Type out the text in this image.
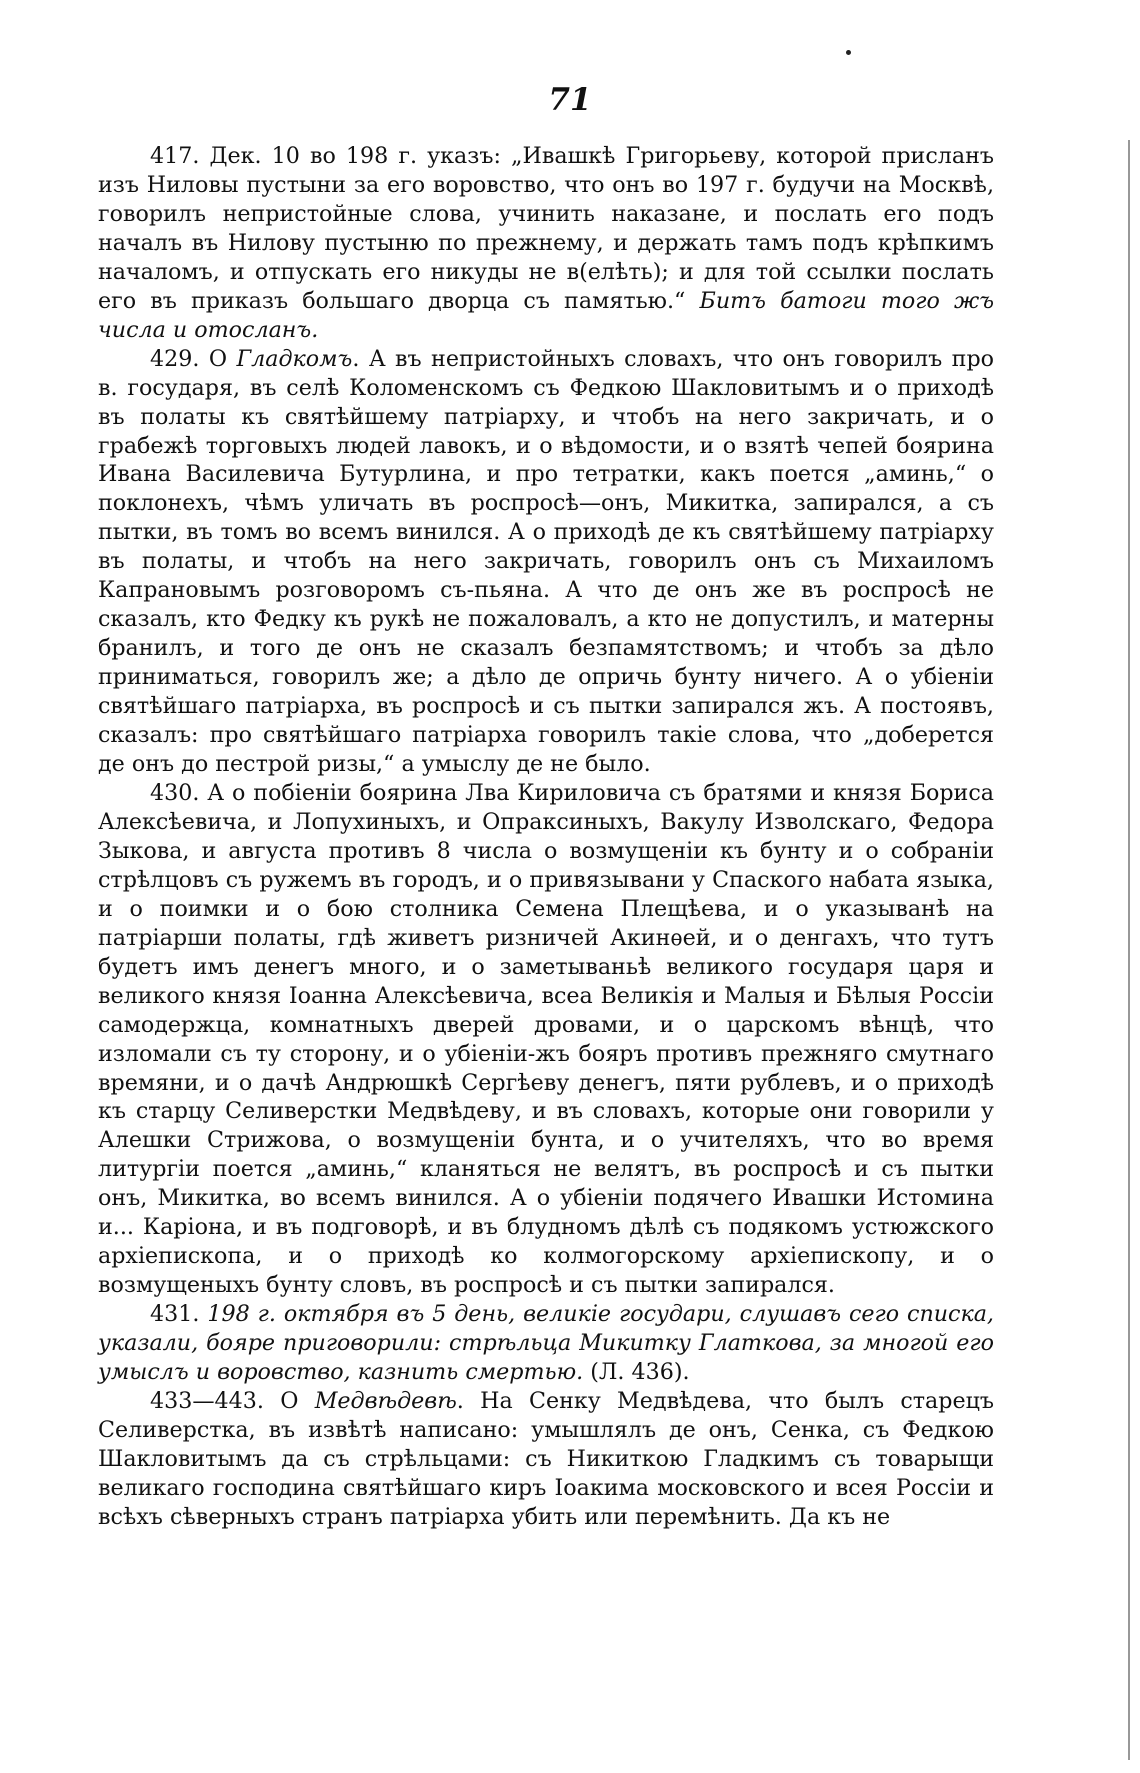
71

417. Дек. 10 во 198 г. указъ: „Ивашкѣ Григорьеву, которой присланъ изъ Ниловы пустыни за его воровство, что онъ во 197 г. будучи на Москвѣ, говорилъ непристойные слова, учинить наказане, и послать его подъ началъ въ Нилову пустыню по прежнему, и держать тамъ подъ крѣпкимъ началомъ, и отпускать его никуды не в(елѣть); и для той ссылки послать его въ приказъ большаго дворца съ памятью.“ Битъ батоги того жъ числа и отосланъ.

429. О Гладкомъ. А въ непристойныхъ словахъ, что онъ говорилъ про в. государя, въ селѣ Коломенскомъ съ Федкою Шакловитымъ и о приходѣ въ полаты къ святѣйшему патріарху, и чтобъ на него закричать, и о грабежѣ торговыхъ людей лавокъ, и о вѣдомости, и о взятѣ чепей боярина Ивана Василевича Бутурлина, и про тетратки, какъ поется „аминь,“ о поклонехъ, чѣмъ уличать въ роспросѣ—онъ, Микитка, запирался, а съ пытки, въ томъ во всемъ винился. А о приходѣ де къ святѣйшему патріарху въ полаты, и чтобъ на него закричать, говорилъ онъ съ Михаиломъ Капрановымъ розговоромъ съ-пьяна. А что де онъ же въ роспросѣ не сказалъ, кто Федку къ рукѣ не пожаловалъ, а кто не допустилъ, и матерны бранилъ, и того де онъ не сказалъ безпамятствомъ; и чтобъ за дѣло приниматься, говорилъ же; а дѣло де опричь бунту ничего. А о убіеніи святѣйшаго патріарха, въ роспросѣ и съ пытки запирался жъ. А постоявъ, сказалъ: про святѣйшаго патріарха говорилъ такіе слова, что „доберется де онъ до пестрой ризы,“ а умыслу де не было.

430. А о побіеніи боярина Лва Кириловича съ братями и князя Бориса Алексѣевича, и Лопухиныхъ, и Опраксиныхъ, Вакулу Изволскаго, Федора Зыкова, и августа противъ 8 числа о возмущеніи къ бунту и о собраніи стрѣлцовъ съ ружемъ въ городъ, и о привязывани у Спаского набата языка, и о поимки и о бою столника Семена Плещѣева, и о указыванѣ на патріарши полаты, гдѣ живетъ ризничей Акинѳей, и о денгахъ, что тутъ будетъ имъ денегъ много, и о заметываньѣ великого государя царя и великого князя Іоанна Алексѣевича, всеа Великія и Малыя и Бѣлыя Россіи самодержца, комнатныхъ дверей дровами, и о царскомъ вѣнцѣ, что изломали съ ту сторону, и о убіеніи-жъ бояръ противъ прежняго смутнаго времяни, и о дачѣ Андрюшкѣ Сергѣеву денегъ, пяти рублевъ, и о приходѣ къ старцу Селиверстки Медвѣдеву, и въ словахъ, которые они говорили у Алешки Стрижова, о возмущеніи бунта, и о учителяхъ, что во время литургіи поется „аминь,“ кланяться не велятъ, въ роспросѣ и съ пытки онъ, Микитка, во всемъ винился. А о убіеніи подячего Ивашки Истомина и... Каріона, и въ подговорѣ, и въ блудномъ дѣлѣ съ подякомъ устюжского архіепископа, и о приходѣ ко колмогорскому архіепископу, и о возмущеныхъ бунту словъ, въ роспросѣ и съ пытки запирался.

431. 198 г. октября въ 5 день, великіе государи, слушавъ сего списка, указали, бояре приговорили: стрѣльца Микитку Глаткова, за многой его умыслъ и воровство, казнить смертью. (Л. 436).

433—443. О Медвѣдевѣ. На Сенку Медвѣдева, что былъ старецъ Селиверстка, въ извѣтѣ написано: умышлялъ де онъ, Сенка, съ Федкою Шакловитымъ да съ стрѣльцами: съ Никиткою Гладкимъ съ товарыщи великаго господина святѣйшаго киръ Іоакима московского и всея Россіи и всѣхъ сѣверныхъ странъ патріарха убить или перемѣнить. Да къ не
